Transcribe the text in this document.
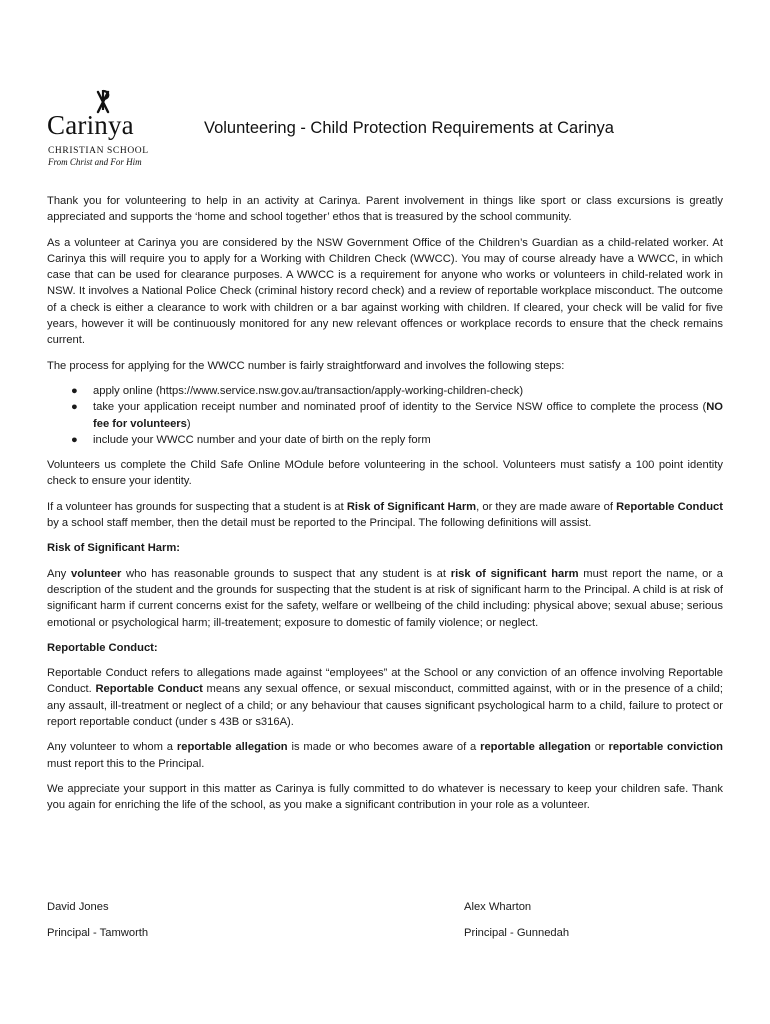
Carinya
CHRISTIAN SCHOOL
From Christ and For Him
Volunteering - Child Protection Requirements at Carinya

Thank you for volunteering to help in an activity at Carinya. Parent involvement in things like sport or class excursions is greatly appreciated and supports the ‘home and school together’ ethos that is treasured by the school community.

As a volunteer at Carinya you are considered by the NSW Government Office of the Children’s Guardian as a child-related worker. At Carinya this will require you to apply for a Working with Children Check (WWCC). You may of course already have a WWCC, in which case that can be used for clearance purposes. A WWCC is a requirement for anyone who works or volunteers in child-related work in NSW. It involves a National Police Check (criminal history record check) and a review of reportable workplace misconduct. The outcome of a check is either a clearance to work with children or a bar against working with children. If cleared, your check will be valid for five years, however it will be continuously monitored for any new relevant offences or workplace records to ensure that the check remains current.

The process for applying for the WWCC number is fairly straightforward and involves the following steps:

● apply online (https://www.service.nsw.gov.au/transaction/apply-working-children-check)
● take your application receipt number and nominated proof of identity to the Service NSW office to complete the process (NO fee for volunteers)
● include your WWCC number and your date of birth on the reply form

Volunteers us complete the Child Safe Online MOdule before volunteering in the school. Volunteers must satisfy a 100 point identity check to ensure your identity.

If a volunteer has grounds for suspecting that a student is at Risk of Significant Harm, or they are made aware of Reportable Conduct by a school staff member, then the detail must be reported to the Principal. The following definitions will assist.

Risk of Significant Harm:

Any volunteer who has reasonable grounds to suspect that any student is at risk of significant harm must report the name, or a description of the student and the grounds for suspecting that the student is at risk of significant harm to the Principal. A child is at risk of significant harm if current concerns exist for the safety, welfare or wellbeing of the child including: physical above; sexual abuse; serious emotional or psychological harm; ill-treatement; exposure to domestic of family violence; or neglect.

Reportable Conduct:

Reportable Conduct refers to allegations made against “employees” at the School or any conviction of an offence involving Reportable Conduct. Reportable Conduct means any sexual offence, or sexual misconduct, committed against, with or in the presence of a child; any assault, ill-treatment or neglect of a child; or any behaviour that causes significant psychological harm to a child, failure to protect or report reportable conduct (under s 43B or s316A).

Any volunteer to whom a reportable allegation is made or who becomes aware of a reportable allegation or reportable conviction must report this to the Principal.

We appreciate your support in this matter as Carinya is fully committed to do whatever is necessary to keep your children safe. Thank you again for enriching the life of the school, as you make a significant contribution in your role as a volunteer.

David Jones
Principal - Tamworth
Alex Wharton
Principal - Gunnedah
